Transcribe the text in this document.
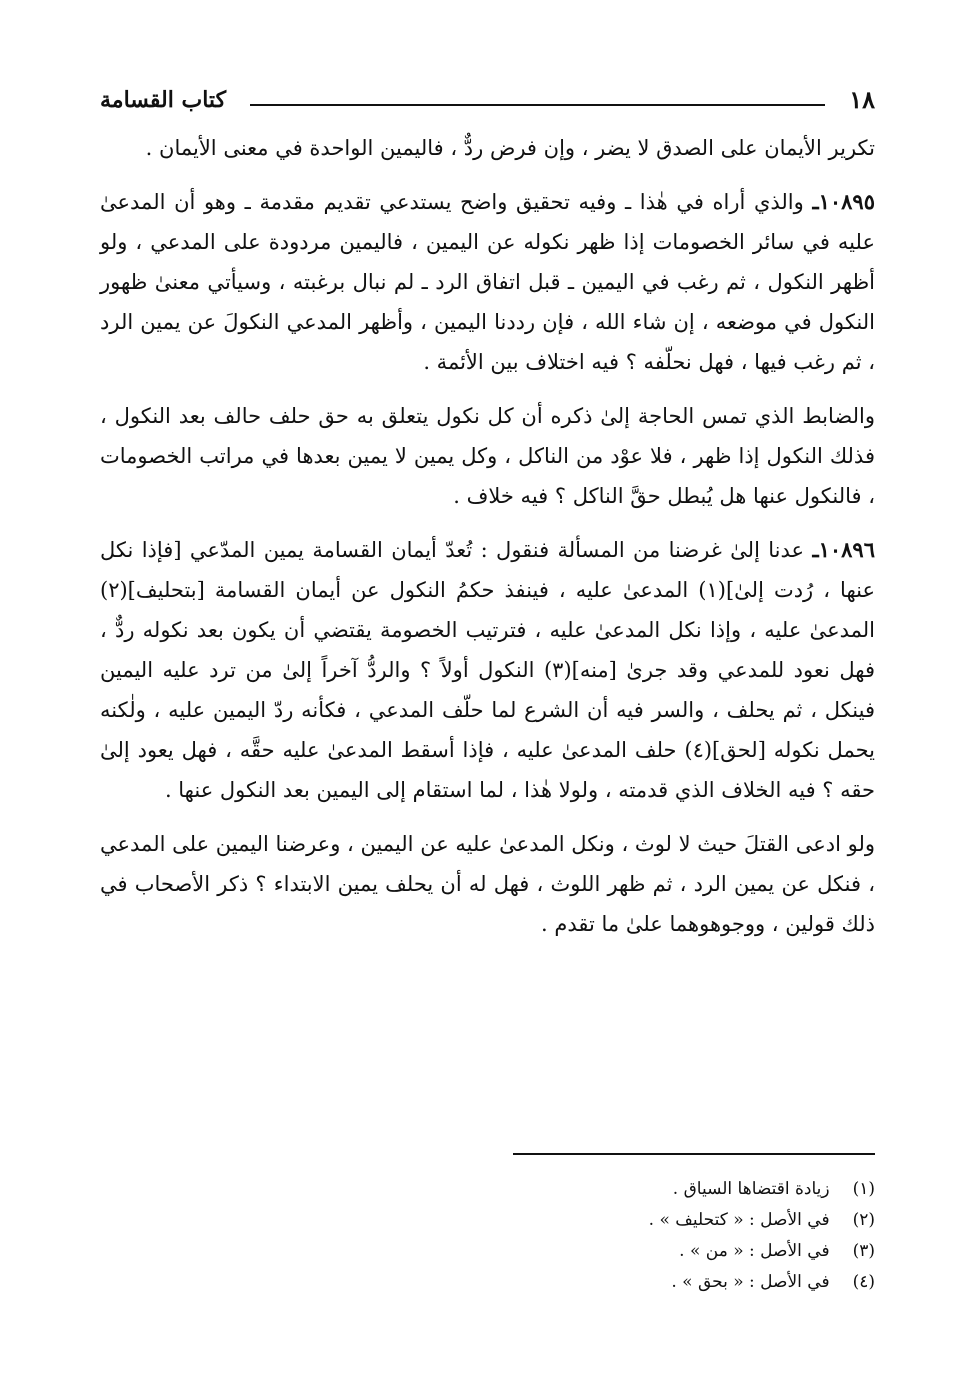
١٨
كتاب القسامة

تكرير الأيمان على الصدق لا يضر ، وإن فرض ردٌّ ، فاليمين الواحدة في معنى الأيمان .

١٠٨٩٥ـ والذي أراه في هٰذا ـ وفيه تحقيق واضح يستدعي تقديم مقدمة ـ وهو أن المدعىٰ عليه في سائر الخصومات إذا ظهر نكوله عن اليمين ، فاليمين مردودة على المدعي ، ولو أظهر النكول ، ثم رغب في اليمين ـ قبل اتفاق الرد ـ لم نبال برغبته ، وسيأتي معنىٰ ظهور النكول في موضعه ، إن شاء الله ، فإن رددنا اليمين ، وأظهر المدعي النكولَ عن يمين الرد ، ثم رغب فيها ، فهل نحلّفه ؟ فيه اختلاف بين الأئمة .

والضابط الذي تمس الحاجة إلىٰ ذكره أن كل نكول يتعلق به حق حلف حالف بعد النكول ، فذلك النكول إذا ظهر ، فلا عوْد من الناكل ، وكل يمين لا يمين بعدها في مراتب الخصومات ، فالنكول عنها هل يُبطل حقَّ الناكل ؟ فيه خلاف .

١٠٨٩٦ـ عدنا إلىٰ غرضنا من المسألة فنقول : تُعدّ أيمان القسامة يمين المدّعي [فإذا نكل عنها ، رُدت إلىٰ](١) المدعىٰ عليه ، فينفذ حكمُ النكول عن أيمان القسامة [بتحليف](٢) المدعىٰ عليه ، وإذا نكل المدعىٰ عليه ، فترتيب الخصومة يقتضي أن يكون بعد نكوله ردٌّ ، فهل نعود للمدعي وقد جرىٰ [منه](٣) النكول أولاً ؟ والردُّ آخراً إلىٰ من ترد عليه اليمين فينكل ، ثم يحلف ، والسر فيه أن الشرع لما حلّف المدعي ، فكأنه ردّ اليمين عليه ، ولٰكنه يحمل نكوله [لحق](٤) حلف المدعىٰ عليه ، فإذا أسقط المدعىٰ عليه حقَّه ، فهل يعود إلىٰ حقه ؟ فيه الخلاف الذي قدمته ، ولولا هٰذا ، لما استقام إلى اليمين بعد النكول عنها .

ولو ادعى القتلَ حيث لا لوث ، ونكل المدعىٰ عليه عن اليمين ، وعرضنا اليمين على المدعي ، فنكل عن يمين الرد ، ثم ظهر اللوث ، فهل له أن يحلف يمين الابتداء ؟ ذكر الأصحاب في ذلك قولين ، ووجوهوهما علىٰ ما تقدم .

(١) زيادة اقتضاها السياق .
(٢) في الأصل : « كتحليف » .
(٣) في الأصل : « من » .
(٤) في الأصل : « بحق » .
